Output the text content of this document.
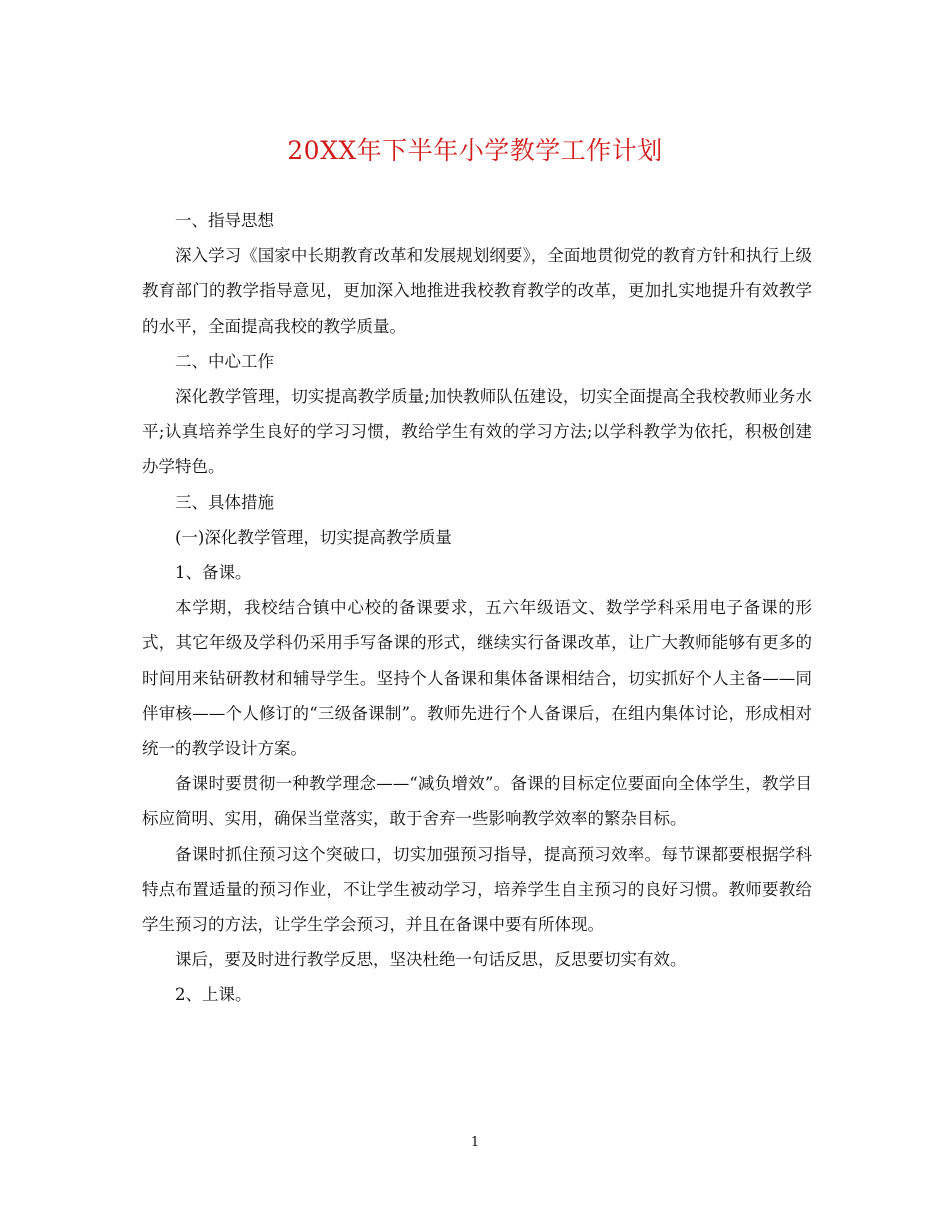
20XX年下半年小学教学工作计划

一、指导思想

深入学习《国家中长期教育改革和发展规划纲要》，全面地贯彻党的教育方针和执行上级教育部门的教学指导意见，更加深入地推进我校教育教学的改革，更加扎实地提升有效教学的水平，全面提高我校的教学质量。

二、中心工作

深化教学管理，切实提高教学质量;加快教师队伍建设，切实全面提高全我校教师业务水平;认真培养学生良好的学习习惯，教给学生有效的学习方法;以学科教学为依托，积极创建办学特色。

三、具体措施

(一)深化教学管理，切实提高教学质量

1、备课。

本学期，我校结合镇中心校的备课要求，五六年级语文、数学学科采用电子备课的形式，其它年级及学科仍采用手写备课的形式，继续实行备课改革，让广大教师能够有更多的时间用来钻研教材和辅导学生。坚持个人备课和集体备课相结合，切实抓好个人主备——同伴审核——个人修订的“三级备课制”。教师先进行个人备课后，在组内集体讨论，形成相对统一的教学设计方案。

备课时要贯彻一种教学理念——“减负增效”。备课的目标定位要面向全体学生，教学目标应简明、实用，确保当堂落实，敢于舍弃一些影响教学效率的繁杂目标。

备课时抓住预习这个突破口，切实加强预习指导，提高预习效率。每节课都要根据学科特点布置适量的预习作业，不让学生被动学习，培养学生自主预习的良好习惯。教师要教给学生预习的方法，让学生学会预习，并且在备课中要有所体现。

课后，要及时进行教学反思，坚决杜绝一句话反思，反思要切实有效。

2、上课。

1
